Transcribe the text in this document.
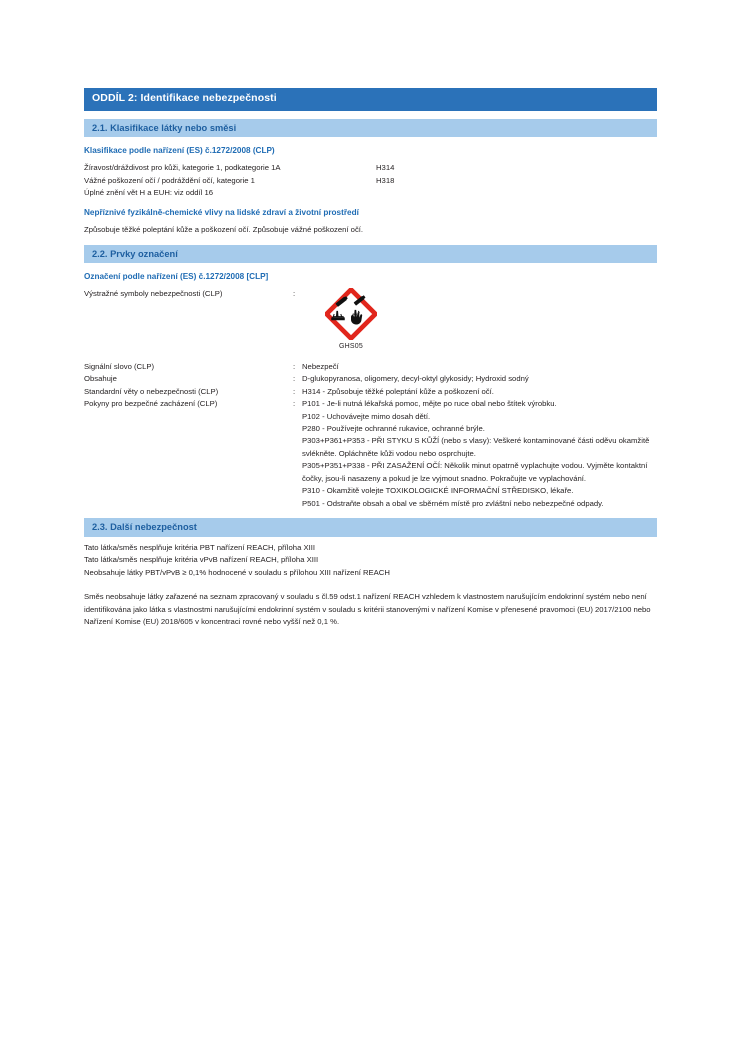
ODDÍL 2: Identifikace nebezpečnosti
2.1. Klasifikace látky nebo směsi
Klasifikace podle nařízení (ES) č.1272/2008 (CLP)
Žíravost/dráždivost pro kůži, kategorie 1, podkategorie 1A	H314
Vážné poškození očí / podráždění očí, kategorie 1	H318
Úplné znění vět H a EUH: viz oddíl 16
Nepříznivé fyzikálně-chemické vlivy na lidské zdraví a životní prostředí
Způsobuje těžké poleptání kůže a poškození očí. Způsobuje vážné poškození očí.
2.2. Prvky označení
Označení podle nařízení (ES) č.1272/2008 [CLP]
Výstražné symboly nebezpečnosti (CLP)	:
GHS05
Signální slovo (CLP)	: Nebezpečí

Obsahuje	: D-glukopyranosa, oligomery, decyl-oktyl glykosidy; Hydroxid sodný

Standardní věty o nebezpečnosti (CLP)	: H314 - Způsobuje těžké poleptání kůže a poškození očí.

Pokyny pro bezpečné zacházení (CLP)	: P101 - Je-li nutná lékařská pomoc, mějte po ruce obal nebo štítek výrobku.

P102 - Uchovávejte mimo dosah dětí.

P280 - Používejte ochranné rukavice, ochranné brýle.

P303+P361+P353 - PŘI STYKU S KŮŽÍ (nebo s vlasy): Veškeré kontaminované části oděvu okamžitě svlékněte. Opláchněte kůži vodou nebo osprchujte.

P305+P351+P338 - PŘI ZASAŽENÍ OČÍ: Několik minut opatrně vyplachujte vodou. Vyjměte kontaktní čočky, jsou-li nasazeny a pokud je lze vyjmout snadno. Pokračujte ve vyplachování.

P310 - Okamžitě volejte TOXIKOLOGICKÉ INFORMAČNÍ STŘEDISKO, lékaře.

P501 - Odstraňte obsah a obal ve sběrném místě pro zvláštní nebo nebezpečné odpady.

2.3. Další nebezpečnost

Tato látka/směs nesplňuje kritéria PBT nařízení REACH, příloha XIII

Tato látka/směs nesplňuje kritéria vPvB nařízení REACH, příloha XIII

Neobsahuje látky PBT/vPvB ≥ 0,1% hodnocené v souladu s přílohou XIII nařízení REACH

Směs neobsahuje látky zařazené na seznam zpracovaný v souladu s čl.59 odst.1 nařízení REACH vzhledem k vlastnostem narušujícím endokrinní systém nebo není identifikována jako látka s vlastnostmi narušujícími endokrinní systém v souladu s kritérii stanovenými v nařízení Komise v přenesené pravomoci (EU) 2017/2100 nebo Nařízení Komise (EU) 2018/605 v koncentraci rovné nebo vyšší než 0,1 %.
